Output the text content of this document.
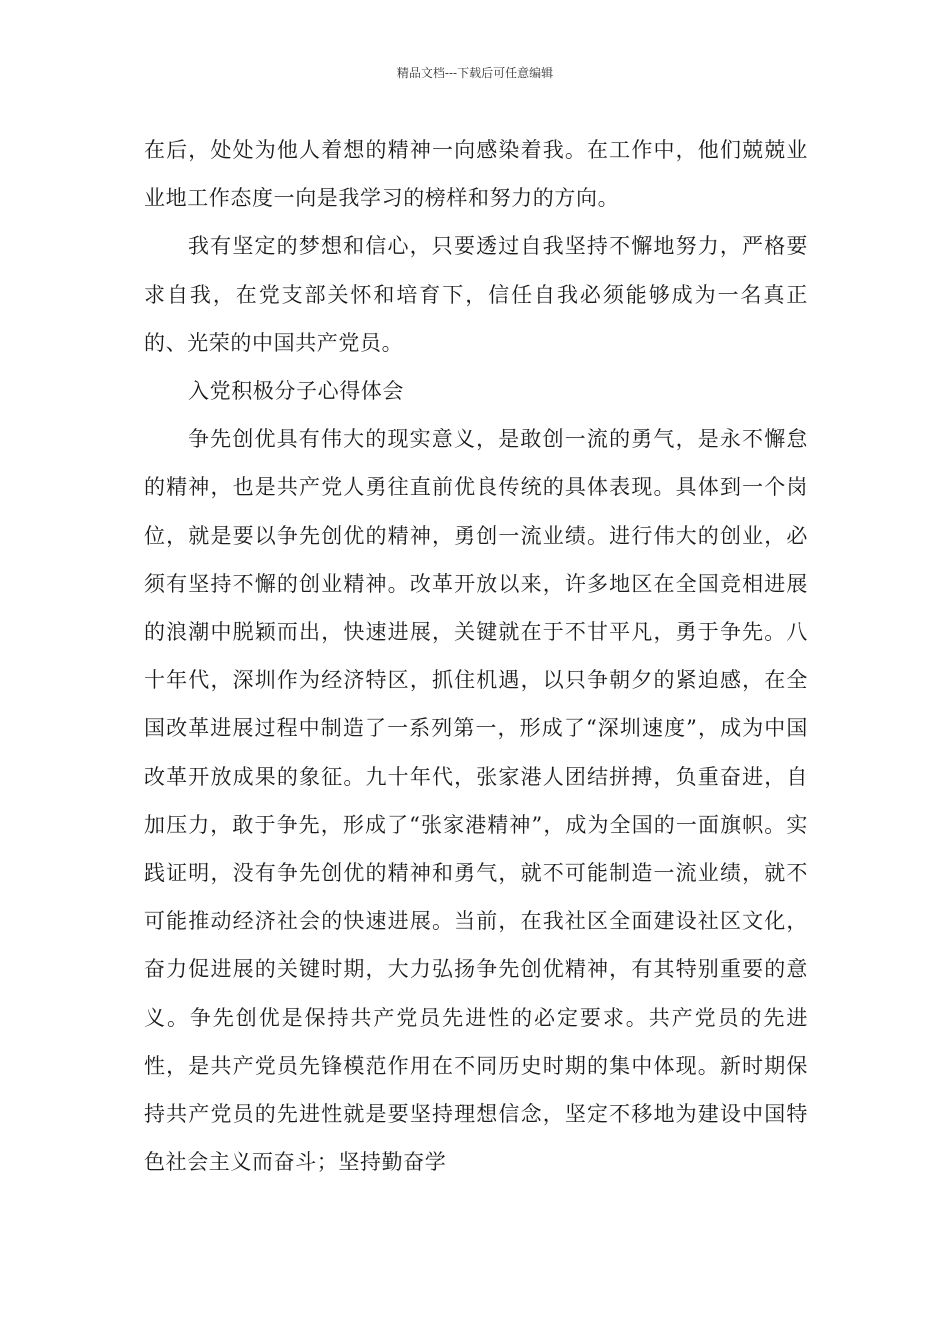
精品文档---下载后可任意编辑

在后，处处为他人着想的精神一向感染着我。在工作中，他们兢兢业业地工作态度一向是我学习的榜样和努力的方向。

我有坚定的梦想和信心，只要透过自我坚持不懈地努力，严格要求自我，在党支部关怀和培育下，信任自我必须能够成为一名真正的、光荣的中国共产党员。

入党积极分子心得体会

争先创优具有伟大的现实意义，是敢创一流的勇气，是永不懈怠的精神，也是共产党人勇往直前优良传统的具体表现。具体到一个岗位，就是要以争先创优的精神，勇创一流业绩。进行伟大的创业，必须有坚持不懈的创业精神。改革开放以来，许多地区在全国竞相进展的浪潮中脱颖而出，快速进展，关键就在于不甘平凡，勇于争先。八十年代，深圳作为经济特区，抓住机遇，以只争朝夕的紧迫感，在全国改革进展过程中制造了一系列第一，形成了“深圳速度”，成为中国改革开放成果的象征。九十年代，张家港人团结拼搏，负重奋进，自加压力，敢于争先，形成了“张家港精神”，成为全国的一面旗帜。实践证明，没有争先创优的精神和勇气，就不可能制造一流业绩，就不可能推动经济社会的快速进展。当前，在我社区全面建设社区文化，奋力促进展的关键时期，大力弘扬争先创优精神，有其特别重要的意义。争先创优是保持共产党员先进性的必定要求。共产党员的先进性，是共产党员先锋模范作用在不同历史时期的集中体现。新时期保持共产党员的先进性就是要坚持理想信念，坚定不移地为建设中国特色社会主义而奋斗；坚持勤奋学
